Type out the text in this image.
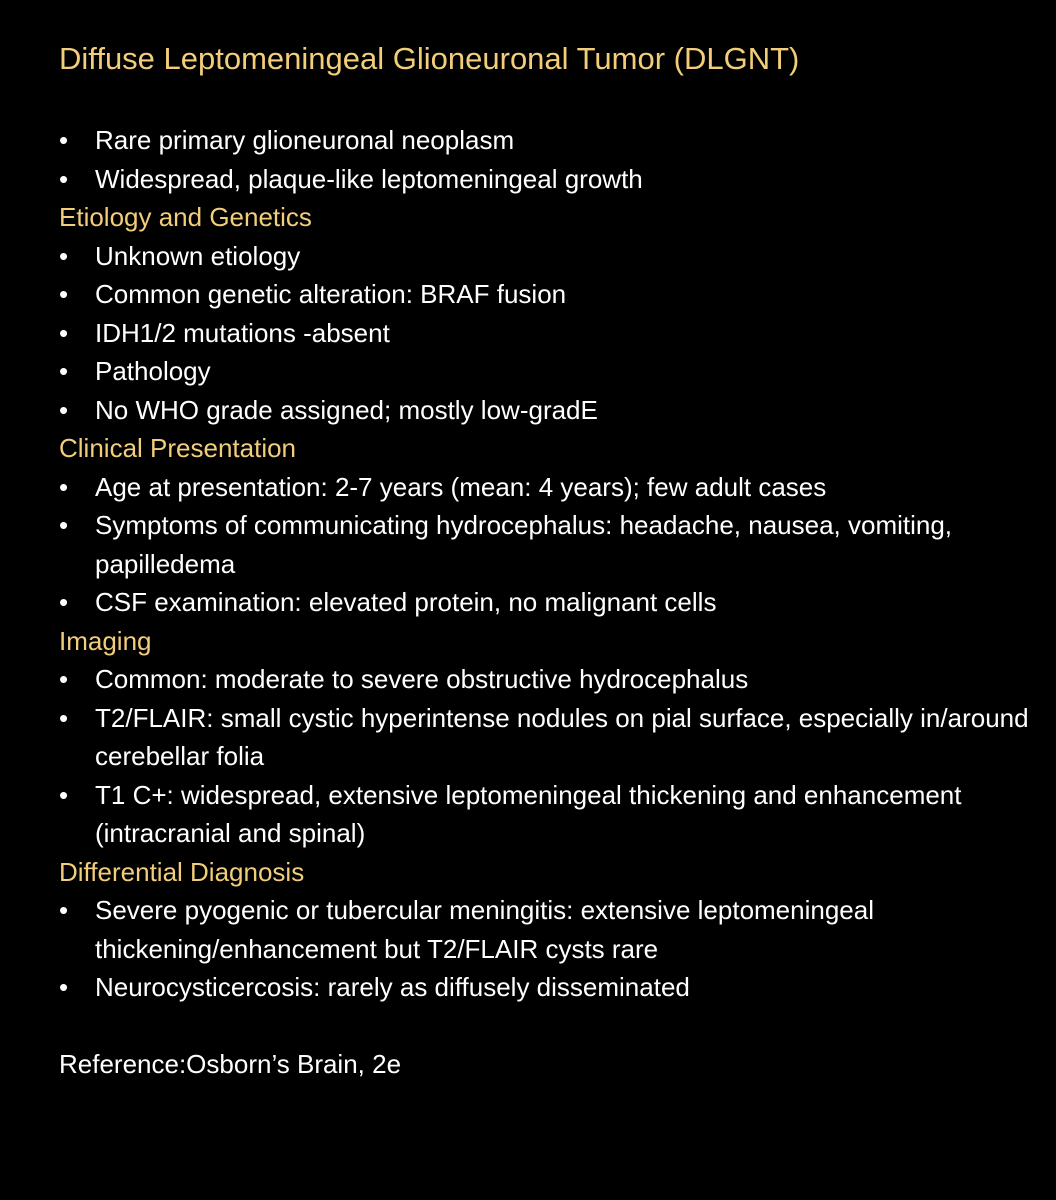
Diffuse Leptomeningeal Glioneuronal Tumor (DLGNT)
•	Rare primary glioneuronal neoplasm
•	Widespread, plaque-like leptomeningeal growth
Etiology and Genetics
•	Unknown etiology
•	Common genetic alteration: BRAF fusion
•	IDH1/2 mutations -absent
•	Pathology
•	No WHO grade assigned; mostly low-gradE
Clinical Presentation
•	Age at presentation: 2-7 years (mean: 4 years); few adult cases
•	Symptoms of communicating hydrocephalus: headache, nausea, vomiting, papilledema
•	CSF examination: elevated protein, no malignant cells
Imaging
•	Common: moderate to severe obstructive hydrocephalus
•	T2/FLAIR: small cystic hyperintense nodules on pial surface, especially in/around cerebellar folia
•	T1 C+: widespread, extensive leptomeningeal thickening and enhancement (intracranial and spinal)
Differential Diagnosis
•	Severe pyogenic or tubercular meningitis: extensive leptomeningeal thickening/enhancement but T2/FLAIR cysts rare
•	Neurocysticercosis: rarely as diffusely disseminated
Reference:Osborn’s Brain, 2e
